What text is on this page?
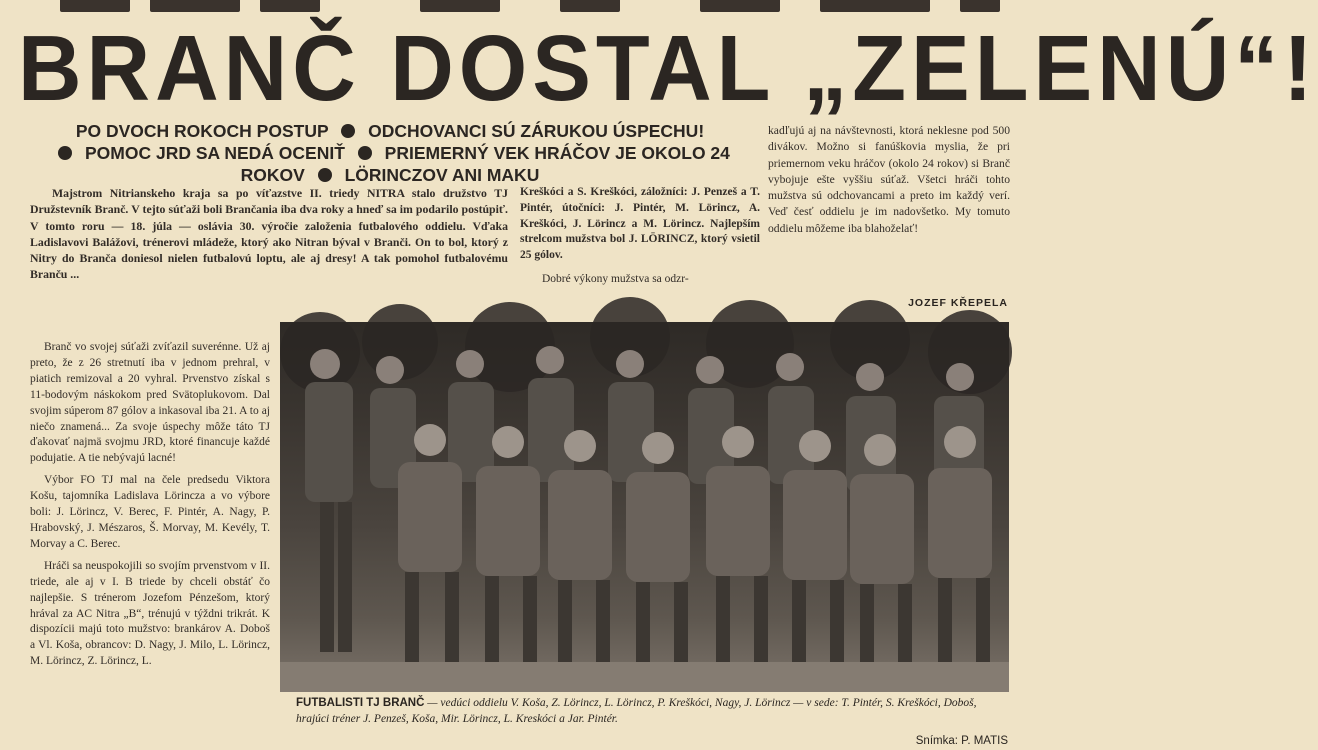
BRANČ DOSTAL „ZELENÚ“!
PO DVOCH ROKOCH POSTUP ODCHOVANCI SÚ ZÁRUKOU ÚSPECHU!
POMOC JRD SA NEDÁ OCENIŤ PRIEMERNÝ VEK HRÁČOV JE OKOLO 24 ROKOV LÖRINCZOV ANI MAKU

Majstrom Nitrianskeho kraja sa po víťazstve II. triedy NITRA stalo družstvo TJ Družstevník Branč. V tejto súťaži boli Brančania iba dva roky a hneď sa im podarilo postúpiť. V tomto roru — 18. júla — oslávia 30. výročie založenia futbalového oddielu. Vďaka Ladislavovi Balážovi, trénerovi mládeže, ktorý ako Nitran býval v Branči. On to bol, ktorý z Nitry do Branča doniesol nielen futbalovú loptu, ale aj dresy! A tak pomohol futbalovému Branču ...

Kreškóci a S. Kreškóci, záložníci: J. Penzeš a T. Pintér, útočníci: J. Pintér, M. Lörincz, A. Kreškóci, J. Lörincz a M. Lörincz. Najlepším strelcom mužstva bol J. LÖRINCZ, ktorý vsietil 25 gólov.

Dobré výkony mužstva sa odzr-

kadľujú aj na návštevnosti, ktorá neklesne pod 500 divákov. Možno si fanúškovia myslia, že pri priemernom veku hráčov (okolo 24 rokov) si Branč vybojuje ešte vyššiu súťaž. Všetci hráči tohto mužstva sú odchovancami a preto im každý verí. Veď česť oddielu je im nadovšetko. My tomuto oddielu môžeme iba blahoželať!

JOZEF KŘEPELA

Branč vo svojej súťaži zvíťazil suverénne. Už aj preto, že z 26 stretnutí iba v jednom prehral, v piatich remizoval a 20 vyhral. Prvenstvo získal s 11-bodovým náskokom pred Svätoplukovom. Dal svojim súperom 87 gólov a inkasoval iba 21. A to aj niečo znamená... Za svoje úspechy môže táto TJ ďakovať najmä svojmu JRD, ktoré financuje každé podujatie. A tie nebývajú lacné!

Výbor FO TJ mal na čele predsedu Viktora Košu, tajomníka Ladislava Lörincza a vo výbore boli: J. Lörincz, V. Berec, F. Pintér, A. Nagy, P. Hrabovský, J. Mészaros, Š. Morvay, M. Kevély, T. Morvay a C. Berec.

Hráči sa neuspokojili so svojím prvenstvom v II. triede, ale aj v I. B triede by chceli obstáť čo najlepšie. S trénerom Jozefom Pénzešom, ktorý hrával za AC Nitra „B“, trénujú v týždni trikrát. K dispozícii majú toto mužstvo: brankárov A. Doboš a Vl. Koša, obrancov: D. Nagy, J. Milo, L. Lörincz, M. Lörincz, Z. Lörincz, L.

FUTBALISTI TJ BRANČ — vedúci oddielu V. Koša, Z. Lörincz, L. Lörincz, P. Kreškóci, Nagy, J. Lörincz — v sede: T. Pintér, S. Kreškóci, Doboš, hrajúci tréner J. Penzeš, Koša, Mir. Lörincz, L. Kreskóci a Jar. Pintér.
Snímka: P. MATIS
